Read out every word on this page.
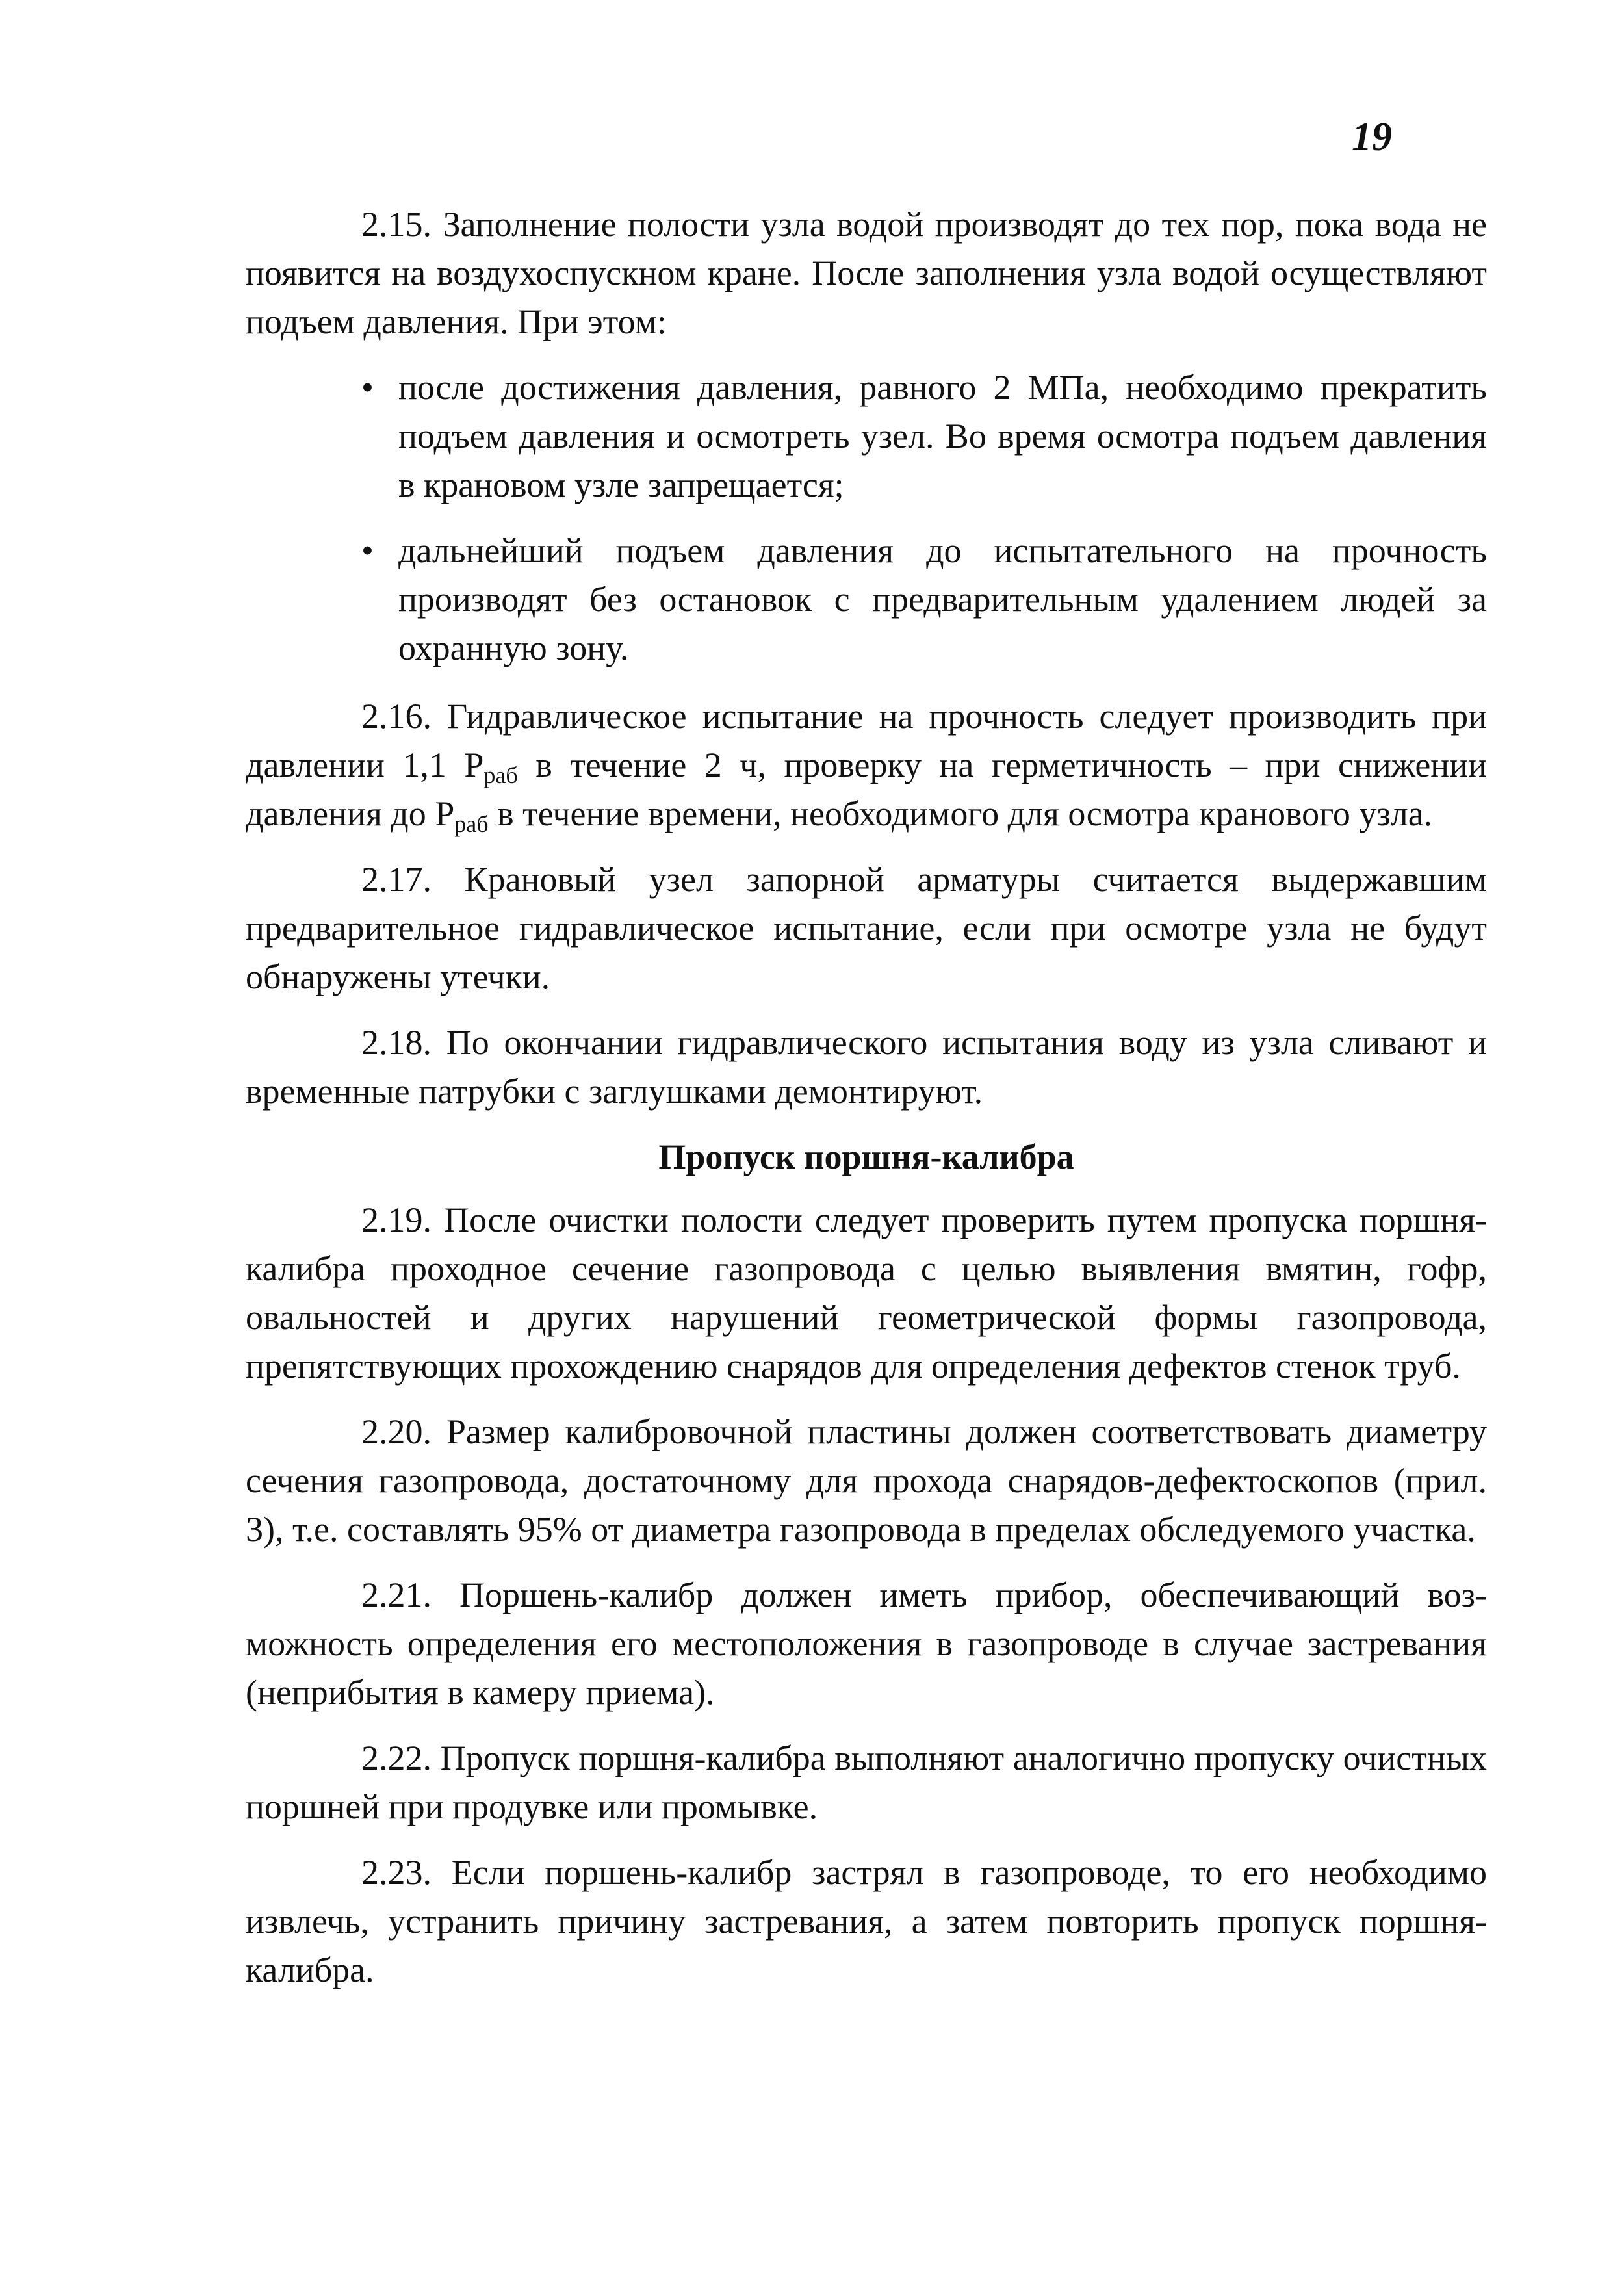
19

2.15. Заполнение полости узла водой производят до тех пор, пока вода не появится на воздухоспускном кране. После заполнения узла водой осуществляют подъем давления. При этом:

• после достижения давления, равного 2 МПа, необходимо прекратить подъем давления и осмотреть узел. Во время осмотра подъем давления в крановом узле запрещается;
• дальнейший подъем давления до испытательного на прочность производят без остановок с предварительным удалением людей за охранную зону.

2.16. Гидравлическое испытание на прочность следует производить при давлении 1,1 $Р_{раб}$ в течение 2 ч, проверку на герметичность – при снижении давления до $Р_{раб}$ в течение времени, необходимого для осмотра кранового узла.

2.17. Крановый узел запорной арматуры считается выдержавшим предварительное гидравлическое испытание, если при осмотре узла не будут обнаружены утечки.

2.18. По окончании гидравлического испытания воду из узла сливают и временные патрубки с заглушками демонтируют.

Пропуск поршня-калибра

2.19. После очистки полости следует проверить путем пропуска поршня-калибра проходное сечение газопровода с целью выявления вмятин, гофр, овальностей и других нарушений геометрической формы газопровода, препятствующих прохождению снарядов для определения дефектов стенок труб.

2.20. Размер калибровочной пластины должен соответствовать диаметру сечения газопровода, достаточному для прохода снарядов-дефектоскопов (прил. 3), т.е. составлять 95% от диаметра газопровода в пределах обследуемого участка.

2.21. Поршень-калибр должен иметь прибор, обеспечивающий возможность определения его местоположения в газопроводе в случае застревания (неприбытия в камеру приема).

2.22. Пропуск поршня-калибра выполняют аналогично пропуску очистных поршней при продувке или промывке.

2.23. Если поршень-калибр застрял в газопроводе, то его необходимо извлечь, устранить причину застревания, а затем повторить пропуск поршня-калибра.
